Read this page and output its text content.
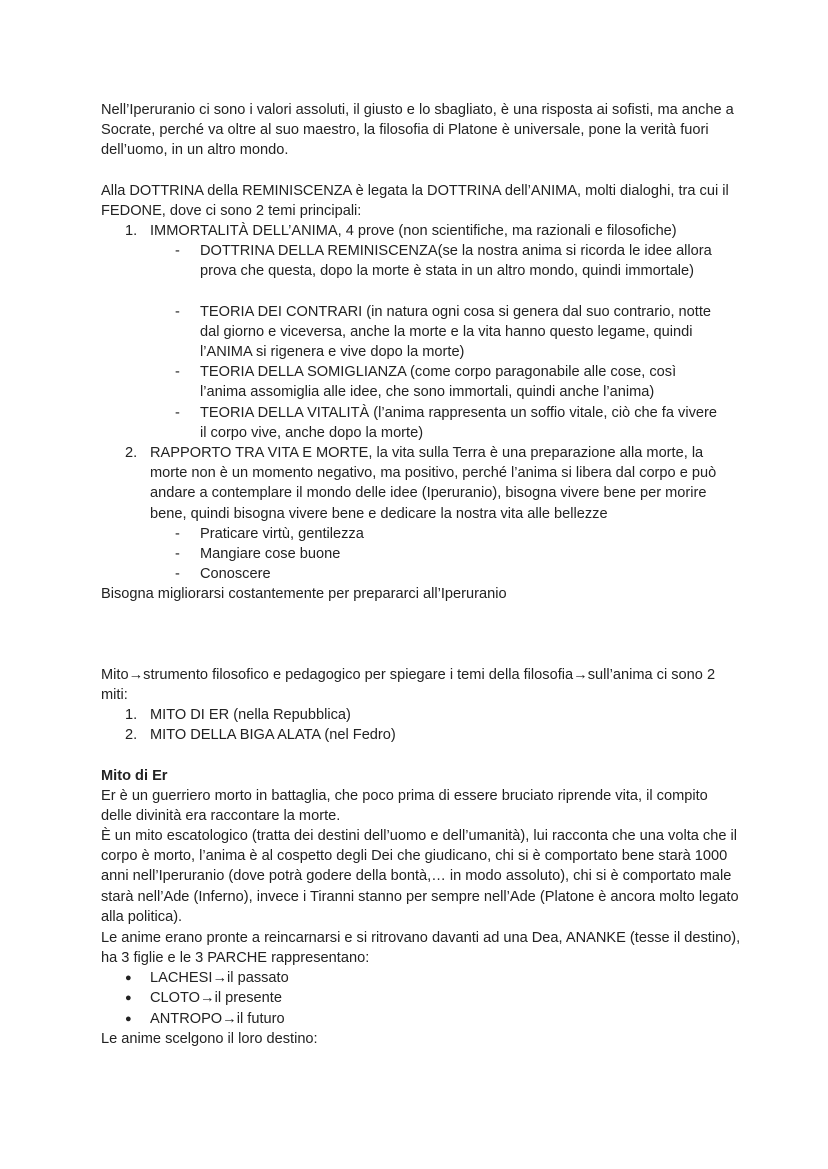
Nell’Iperuranio ci sono i valori assoluti, il giusto e lo sbagliato, è una risposta ai sofisti, ma anche a Socrate, perché va oltre al suo maestro, la filosofia di Platone è universale, pone la verità fuori dell’uomo, in un altro mondo.

Alla DOTTRINA della REMINISCENZA è legata la DOTTRINA dell’ANIMA, molti dialoghi, tra cui il FEDONE, dove ci sono 2 temi principali:

1. IMMORTALITÀ DELL’ANIMA, 4 prove (non scientifiche, ma razionali e filosofiche)
-	DOTTRINA DELLA REMINISCENZA(se la nostra anima si ricorda le idee allora prova che questa, dopo la morte è stata in un altro mondo, quindi immortale)
-	TEORIA DEI CONTRARI (in natura ogni cosa si genera dal suo contrario, notte dal giorno e viceversa, anche la morte e la vita hanno questo legame, quindi l’ANIMA si rigenera e vive dopo la morte)
-	TEORIA DELLA SOMIGLIANZA (come corpo paragonabile alle cose, così l’anima assomiglia alle idee, che sono immortali, quindi anche l’anima)
-	TEORIA DELLA VITALITÀ (l’anima rappresenta un soffio vitale, ciò che fa vivere il corpo vive, anche dopo la morte)
2. RAPPORTO TRA VITA E MORTE, la vita sulla Terra è una preparazione alla morte, la morte non è un momento negativo, ma positivo, perché l’anima si libera dal corpo e può andare a contemplare il mondo delle idee (Iperuranio), bisogna vivere bene per morire bene, quindi bisogna vivere bene e dedicare la nostra vita alle bellezze
-	Praticare virtù, gentilezza
-	Mangiare cose buone
-	Conoscere

Bisogna migliorarsi costantemente per prepararci all’Iperuranio

Mito→strumento filosofico e pedagogico per spiegare i temi della filosofia→sull’anima ci sono 2 miti:

1. MITO DI ER (nella Repubblica)
2. MITO DELLA BIGA ALATA (nel Fedro)

Mito di Er

Er è un guerriero morto in battaglia, che poco prima di essere bruciato riprende vita, il compito delle divinità era raccontare la morte.

È un mito escatologico (tratta dei destini dell’uomo e dell’umanità), lui racconta che una volta che il corpo è morto, l’anima è al cospetto degli Dei che giudicano, chi si è comportato bene starà 1000 anni nell’Iperuranio (dove potrà godere della bontà,… in modo assoluto), chi si è comportato male starà nell’Ade (Inferno), invece i Tiranni stanno per sempre nell’Ade (Platone è ancora molto legato alla politica).

Le anime erano pronte a reincarnarsi e si ritrovano davanti ad una Dea, ANANKE (tesse il destino), ha 3 figlie e le 3 PARCHE rappresentano:

●	LACHESI→il passato
●	CLOTO→il presente
●	ANTROPO→il futuro

Le anime scelgono il loro destino:
